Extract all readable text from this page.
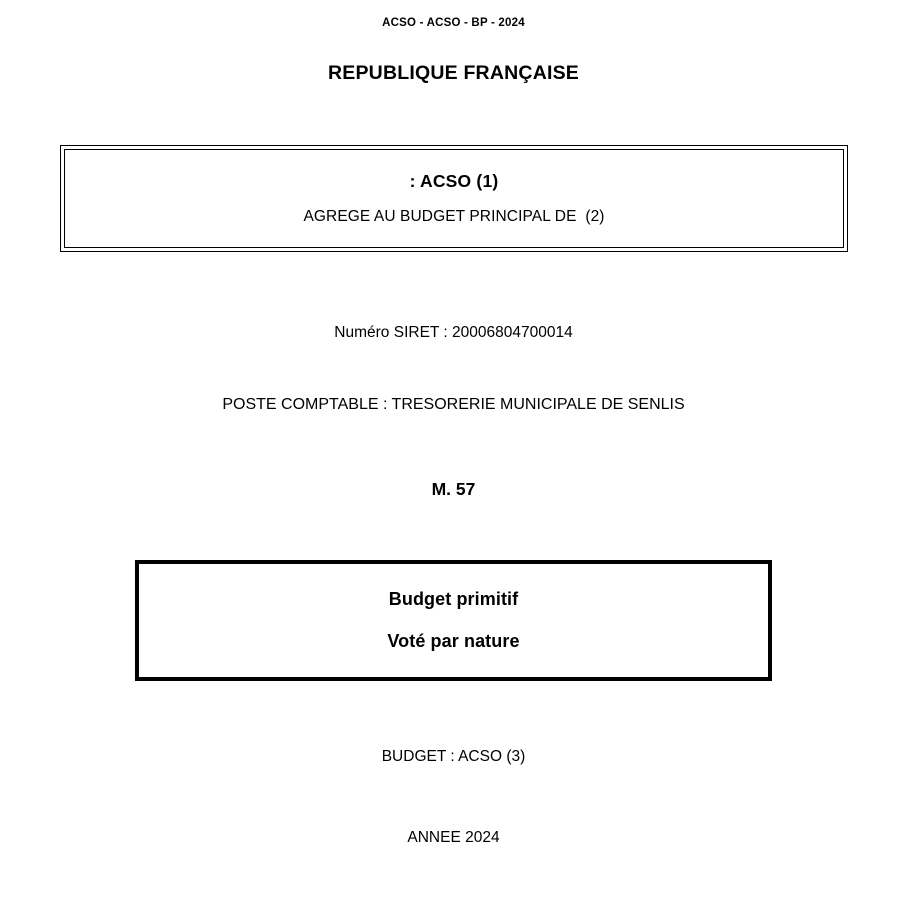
ACSO - ACSO - BP - 2024
REPUBLIQUE FRANÇAISE
: ACSO (1)
AGREGE AU BUDGET PRINCIPAL DE  (2)
Numéro SIRET : 20006804700014
POSTE COMPTABLE : TRESORERIE MUNICIPALE DE SENLIS
M. 57
Budget primitif
Voté par nature
BUDGET : ACSO (3)
ANNEE 2024
